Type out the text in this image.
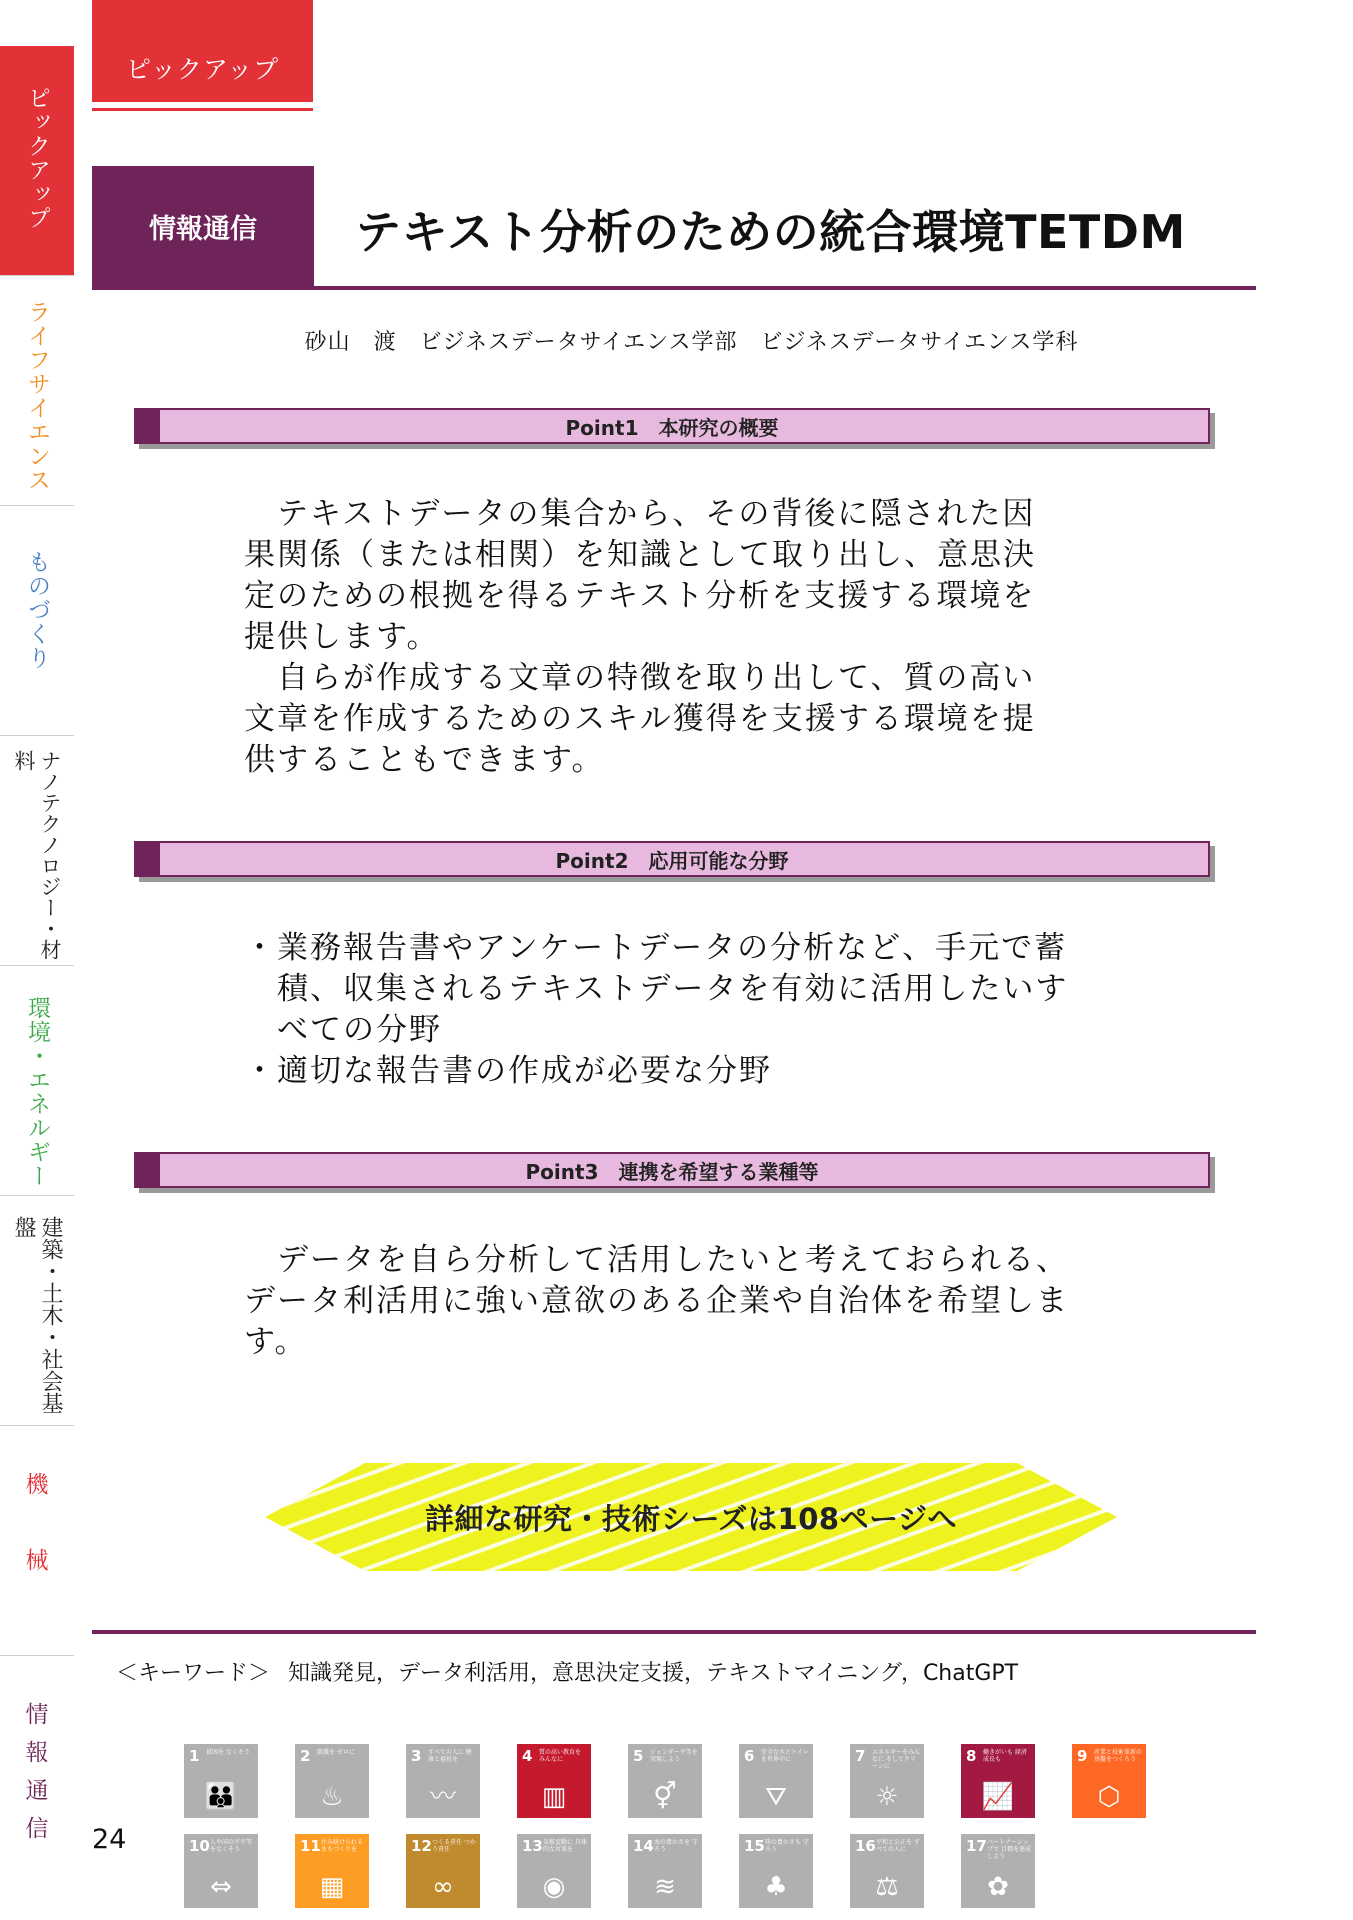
ピックアップ
ライフサイエンス
ものづくり
ナノテクノロジー・材料
環境・エネルギー
建築・土木・社会基盤
機
械
情
報
通
信
ピックアップ
情報通信	テキスト分析のための統合環境TETDM
砂山　渡　ビジネスデータサイエンス学部　ビジネスデータサイエンス学科
Point1　本研究の概要
　テキストデータの集合から、その背後に隠された因
果関係（または相関）を知識として取り出し、意思決
定のための根拠を得るテキスト分析を支援する環境を
提供します。
　自らが作成する文章の特徴を取り出して、質の高い
文章を作成するためのスキル獲得を支援する環境を提
供することもできます。
Point2　応用可能な分野
・業務報告書やアンケートデータの分析など、手元で蓄
　積、収集されるテキストデータを有効に活用したいす
　べての分野
・適切な報告書の作成が必要な分野
Point3　連携を希望する業種等
　データを自ら分析して活用したいと考えておられる、
データ利活用に強い意欲のある企業や自治体を希望しま
す。
詳細な研究・技術シーズは108ページへ
＜キーワード＞ 知識発見，データ利活用，意思決定支援，テキストマイニング，ChatGPT
24
1 貧困を なくそう
👪
2 飢餓を ゼロに
♨
3 すべての人に 健康と福祉を
〰
4 質の高い教育を みんなに
▥
5 ジェンダー平等を 実現しよう
⚥
6 安全な水とトイレ を世界中に
⛛
7 エネルギーをみんなに そしてクリーンに
☼
8 働きがいも 経済成長も
📈
9 産業と技術革新の 基盤をつくろう
⬡
10 人や国の不平等 をなくそう
⇔
11 住み続けられる まちづくりを
▦
12 つくる責任 つかう責任
∞
13 気候変動に 具体的な対策を
◉
14 海の豊かさを 守ろう
≋
15 陸の豊かさも 守ろう
♣
16 平和と公正を すべての人に
⚖
17 パートナーシップで 目標を達成しよう
✿
